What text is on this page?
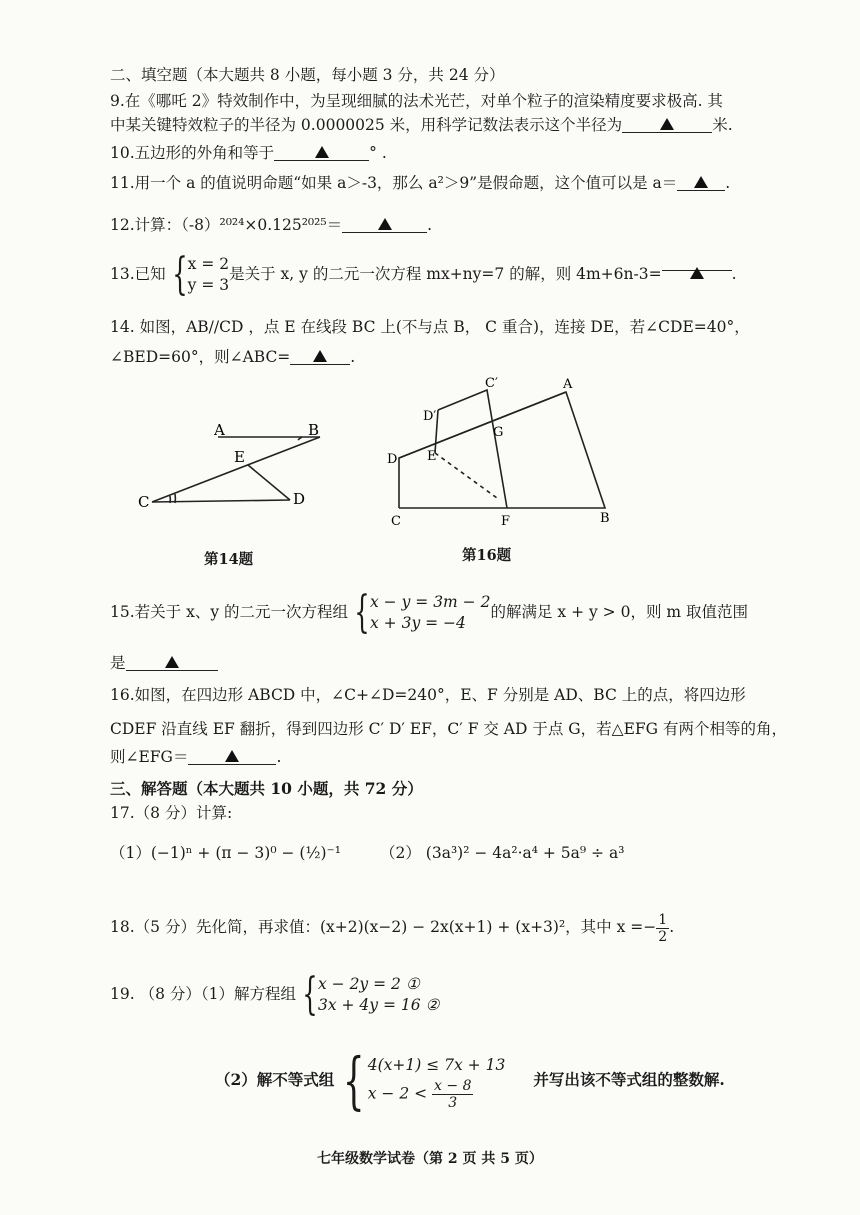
二、填空题（本大题共 8 小题，每小题 3 分，共 24 分）
9.在《哪吒 2》特效制作中，为呈现细腻的法术光芒，对单个粒子的渲染精度要求极高. 其
中某关键特效粒子的半径为 0.0000025 米，用科学记数法表示这个半径为	米.
10.五边形的外角和等于	° .
11.用一个 a 的值说明命题“如果 a＞-3，那么 a²＞9”是假命题，这个值可以是 a＝	.
12.计算：（-8）²⁰²⁴×0.125²⁰²⁵＝	.
13.已知 { x = 2
y = 3
是关于 x, y 的二元一次方程 mx+ny=7 的解，则 4m+6n-3=	.
14. 如图，AB//CD ，点 E 在线段 BC 上(不与点 B， C 重合)，连接 DE，若∠CDE=40°，
∠BED=60°，则∠ABC=	.
A	B
C	D
E
第14题
D E
D′
C′	A
G
C	F	B
第16题
15.若关于 x、y 的二元一次方程组 { x − y = 3m − 2
x + 3y = −4
的解满足 x + y > 0，则 m 取值范围
是
16.如图，在四边形 ABCD 中，∠C+∠D=240°，E、F 分别是 AD、BC 上的点，将四边形
CDEF 沿直线 EF 翻折，得到四边形 C′ D′ EF，C′ F 交 AD 于点 G，若△EFG 有两个相等的角，
则∠EFG＝	.
三、解答题（本大题共 10 小题，共 72 分）
17.（8 分）计算:
（1）(−1)ⁿ + (π − 3)⁰ − (½)⁻¹	（2） (3a³)² − 4a²·a⁴ + 5a⁹ ÷ a³
18.（5 分）先化简，再求值：(x+2)(x−2) − 2x(x+1) + (x+3)²，其中 $x =- \frac{1}{2}$ .
19. （8 分）（1）解方程组 { x − 2y = 2 ①
3x + 4y = 16 ②
（2）解不等式组 { 4(x+1) ≤ 7x + 13
$x - 2 < \frac{x - 8}{3}$	并写出该不等式组的整数解.
七年级数学试卷（第 2 页 共 5 页）
